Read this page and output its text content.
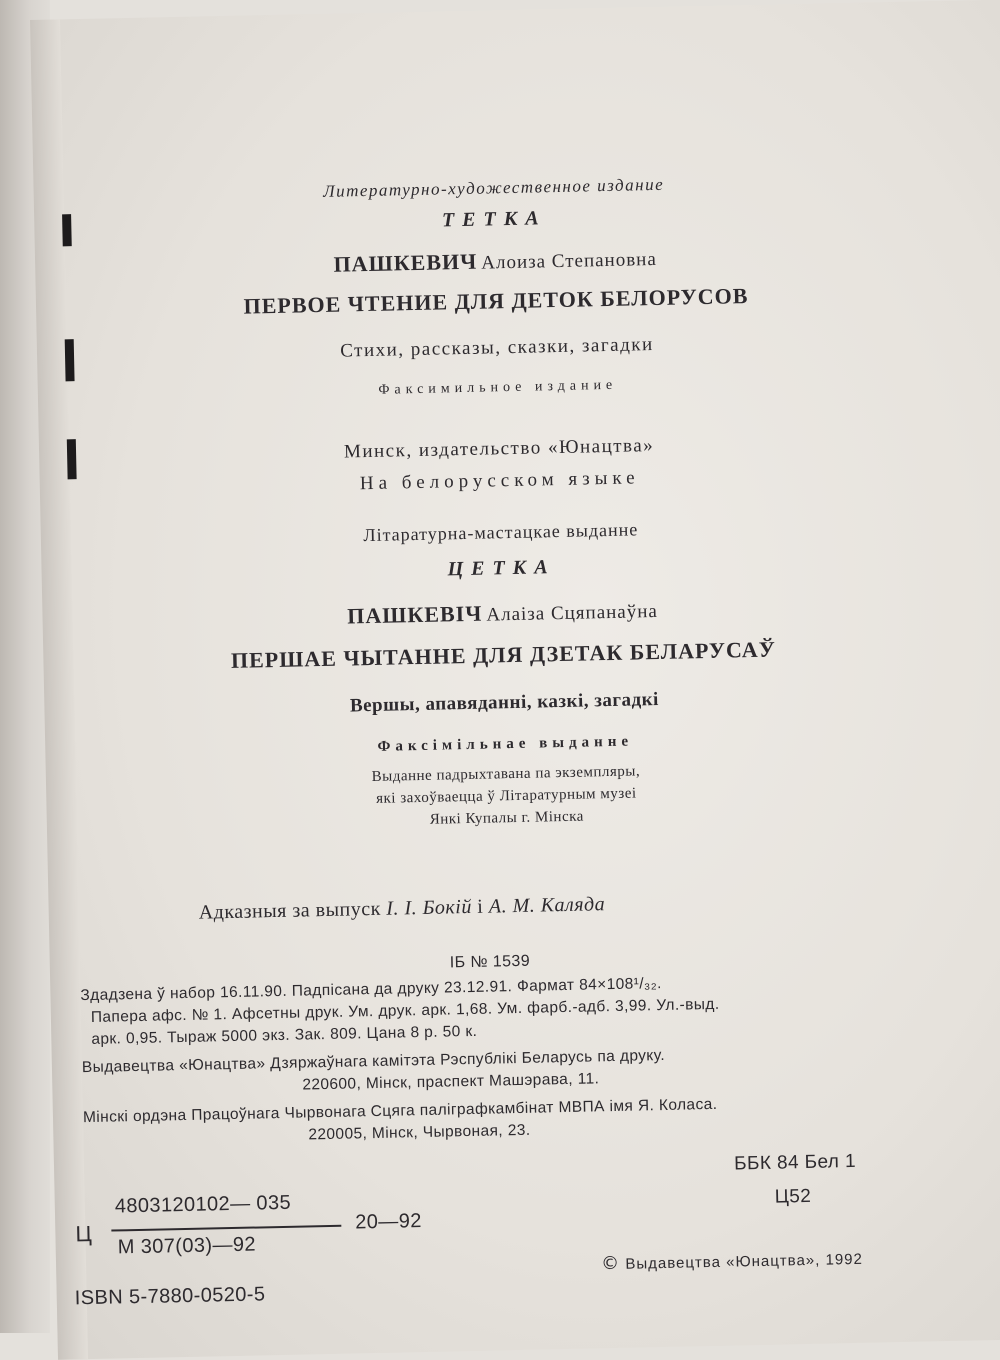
Литературно-художественное издание
ТЕТКА
ПАШКЕВИЧ Алоиза Степановна
ПЕРВОЕ ЧТЕНИЕ ДЛЯ ДЕТОК БЕЛОРУСОВ
Стихи, рассказы, сказки, загадки
Факсимильное издание
Минск, издательство «Юнацтва»
На белорусском языке
Літаратурна-мастацкае выданне
ЦЕТКА
ПАШКЕВІЧ Алаіза Сцяпанаўна
ПЕРШАЕ ЧЫТАННЕ ДЛЯ ДЗЕТАК БЕЛАРУСАЎ
Вершы, апавяданні, казкі, загадкі
Факсімільнае выданне
Выданне падрыхтавана па экземпляры,
які захоўваецца ў Літаратурным музеі
Янкі Купалы г. Мінска
Адказныя за выпуск І. І. Бокій і А. М. Каляда
ІБ № 1539
Здадзена ў набор 16.11.90. Падпісана да друку 23.12.91. Фармат 84×108¹/₃₂.
Папера афс. № 1. Афсетны друк. Ум. друк. арк. 1,68. Ум. фарб.-адб. 3,99. Ул.-выд.
арк. 0,95. Тыраж 5000 экз. Зак. 809. Цана 8 р. 50 к.
Выдавецтва «Юнацтва» Дзяржаўнага камітэта Рэспублікі Беларусь па друку.
220600, Мінск, праспект Машэрава, 11.
Мінскі ордэна Працоўнага Чырвонага Сцяга паліграфкамбінат МВПА імя Я. Коласа.
220005, Мінск, Чырвоная, 23.
ББК 84 Бел 1
Ц52
Ц
4803120102— 035
М 307(03)—92
20—92
ISBN 5-7880-0520-5
© Выдавецтва «Юнацтва», 1992
